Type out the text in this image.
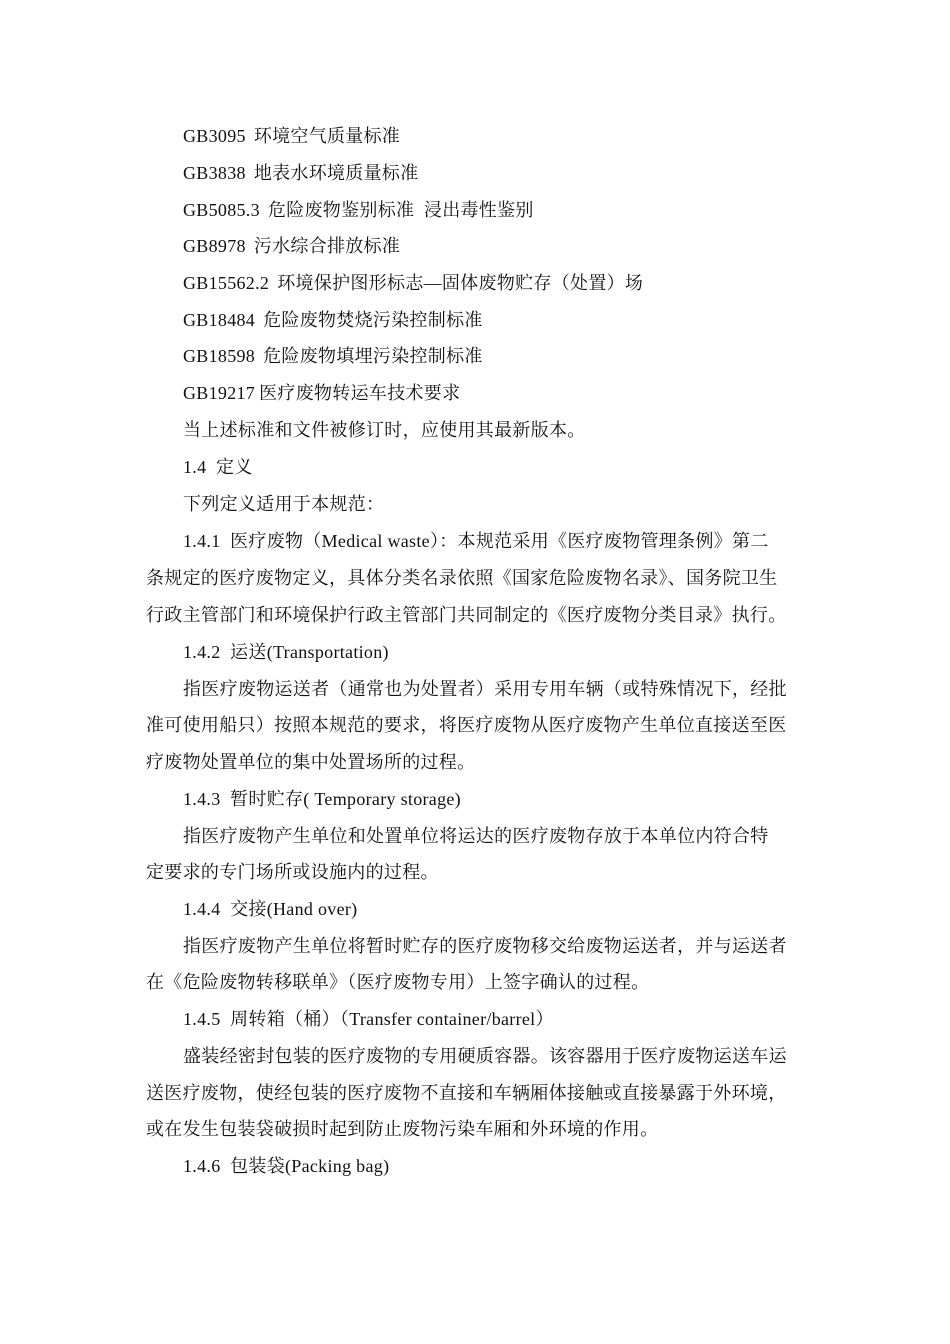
GB3095 环境空气质量标准
GB3838 地表水环境质量标准
GB5085.3 危险废物鉴别标准  浸出毒性鉴别
GB8978 污水综合排放标准
GB15562.2 环境保护图形标志—固体废物贮存（处置）场
GB18484 危险废物焚烧污染控制标准
GB18598 危险废物填埋污染控制标准
GB19217 医疗废物转运车技术要求
当上述标准和文件被修订时，应使用其最新版本。
1.4  定义
下列定义适用于本规范：
1.4.1  医疗废物（Medical waste）：本规范采用《医疗废物管理条例》第二
条规定的医疗废物定义，具体分类名录依照《国家危险废物名录》、国务院卫生
行政主管部门和环境保护行政主管部门共同制定的《医疗废物分类目录》执行。
1.4.2  运送(Transportation)
指医疗废物运送者（通常也为处置者）采用专用车辆（或特殊情况下，经批
准可使用船只）按照本规范的要求，将医疗废物从医疗废物产生单位直接送至医
疗废物处置单位的集中处置场所的过程。
1.4.3  暂时贮存( Temporary storage)
指医疗废物产生单位和处置单位将运达的医疗废物存放于本单位内符合特
定要求的专门场所或设施内的过程。
1.4.4  交接(Hand over)
指医疗废物产生单位将暂时贮存的医疗废物移交给废物运送者，并与运送者
在《危险废物转移联单》（医疗废物专用）上签字确认的过程。
1.4.5  周转箱（桶）（Transfer container/barrel）
盛装经密封包装的医疗废物的专用硬质容器。该容器用于医疗废物运送车运
送医疗废物，使经包装的医疗废物不直接和车辆厢体接触或直接暴露于外环境，
或在发生包装袋破损时起到防止废物污染车厢和外环境的作用。
1.4.6  包装袋(Packing bag)
